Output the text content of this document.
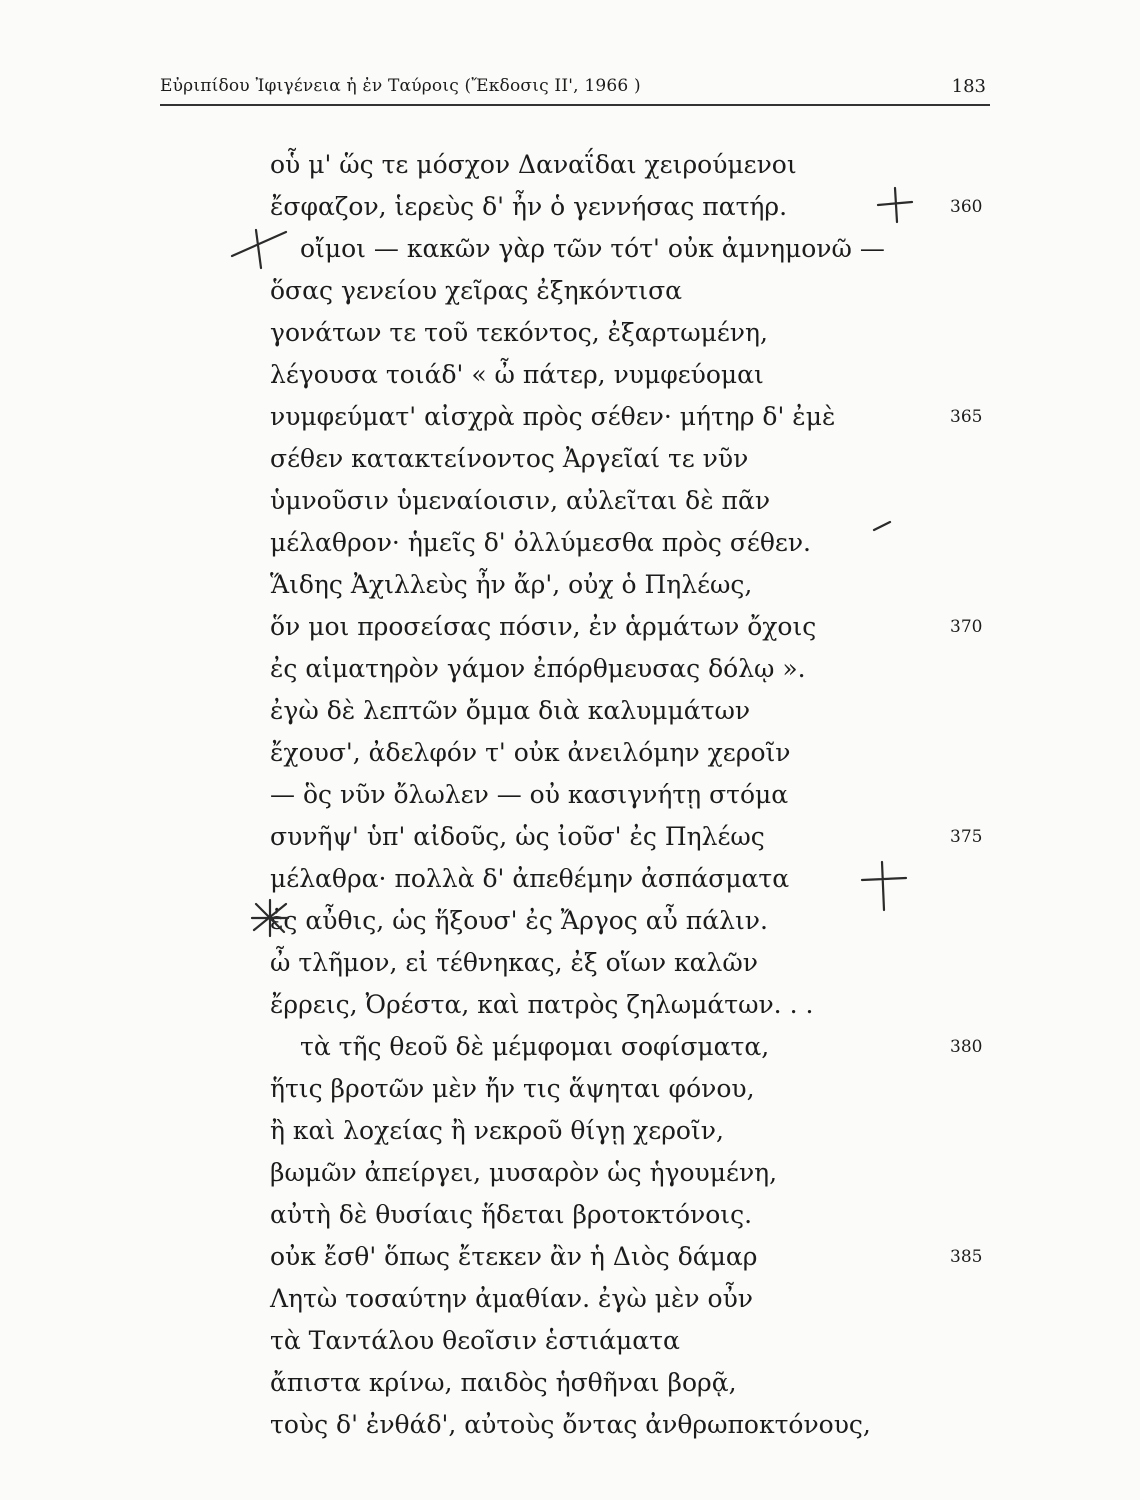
Εὐριπίδου Ἰφιγένεια ἡ ἐν Ταύροις (Ἔκδοσις ΙΙ', 1966 )	183
οὗ μ' ὥς τε μόσχον Δαναΐδαι χειρούμενοι
ἔσφαζον, ἱερεὺς δ' ἦν ὁ γεννήσας πατήρ.	360
οἴμοι — κακῶν γὰρ τῶν τότ' οὐκ ἀμνημονῶ —
ὅσας γενείου χεῖρας ἐξηκόντισα
γονάτων τε τοῦ τεκόντος, ἐξαρτωμένη,
λέγουσα τοιάδ' « ὦ πάτερ, νυμφεύομαι
νυμφεύματ' αἰσχρὰ πρὸς σέθεν· μήτηρ δ' ἐμὲ	365
σέθεν κατακτείνοντος Ἀργεῖαί τε νῦν
ὑμνοῦσιν ὑμεναίοισιν, αὐλεῖται δὲ πᾶν
μέλαθρον· ἡμεῖς δ' ὀλλύμεσθα πρὸς σέθεν.
Ἅιδης Ἀχιλλεὺς ἦν ἄρ', οὐχ ὁ Πηλέως,
ὅν μοι προσείσας πόσιν, ἐν ἁρμάτων ὄχοις	370
ἐς αἱματηρὸν γάμον ἐπόρθμευσας δόλῳ ».
ἐγὼ δὲ λεπτῶν ὄμμα διὰ καλυμμάτων
ἔχουσ', ἀδελφόν τ' οὐκ ἀνειλόμην χεροῖν
— ὃς νῦν ὄλωλεν — οὐ κασιγνήτῃ στόμα
συνῆψ' ὑπ' αἰδοῦς, ὡς ἰοῦσ' ἐς Πηλέως	375
μέλαθρα· πολλὰ δ' ἀπεθέμην ἀσπάσματα
ἐς αὖθις, ὡς ἥξουσ' ἐς Ἄργος αὖ πάλιν.
ὦ τλῆμον, εἰ τέθνηκας, ἐξ οἵων καλῶν
ἔρρεις, Ὀρέστα, καὶ πατρὸς ζηλωμάτων. . .
τὰ τῆς θεοῦ δὲ μέμφομαι σοφίσματα,	380
ἥτις βροτῶν μὲν ἤν τις ἅψηται φόνου,
ἢ καὶ λοχείας ἢ νεκροῦ θίγῃ χεροῖν,
βωμῶν ἀπείργει, μυσαρὸν ὡς ἡγουμένη,
αὐτὴ δὲ θυσίαις ἥδεται βροτοκτόνοις.
οὐκ ἔσθ' ὅπως ἔτεκεν ἂν ἡ Διὸς δάμαρ	385
Λητὼ τοσαύτην ἀμαθίαν. ἐγὼ μὲν οὖν
τὰ Ταντάλου θεοῖσιν ἑστιάματα
ἄπιστα κρίνω, παιδὸς ἡσθῆναι βορᾷ,
τοὺς δ' ἐνθάδ', αὐτοὺς ὄντας ἀνθρωποκτόνους,
